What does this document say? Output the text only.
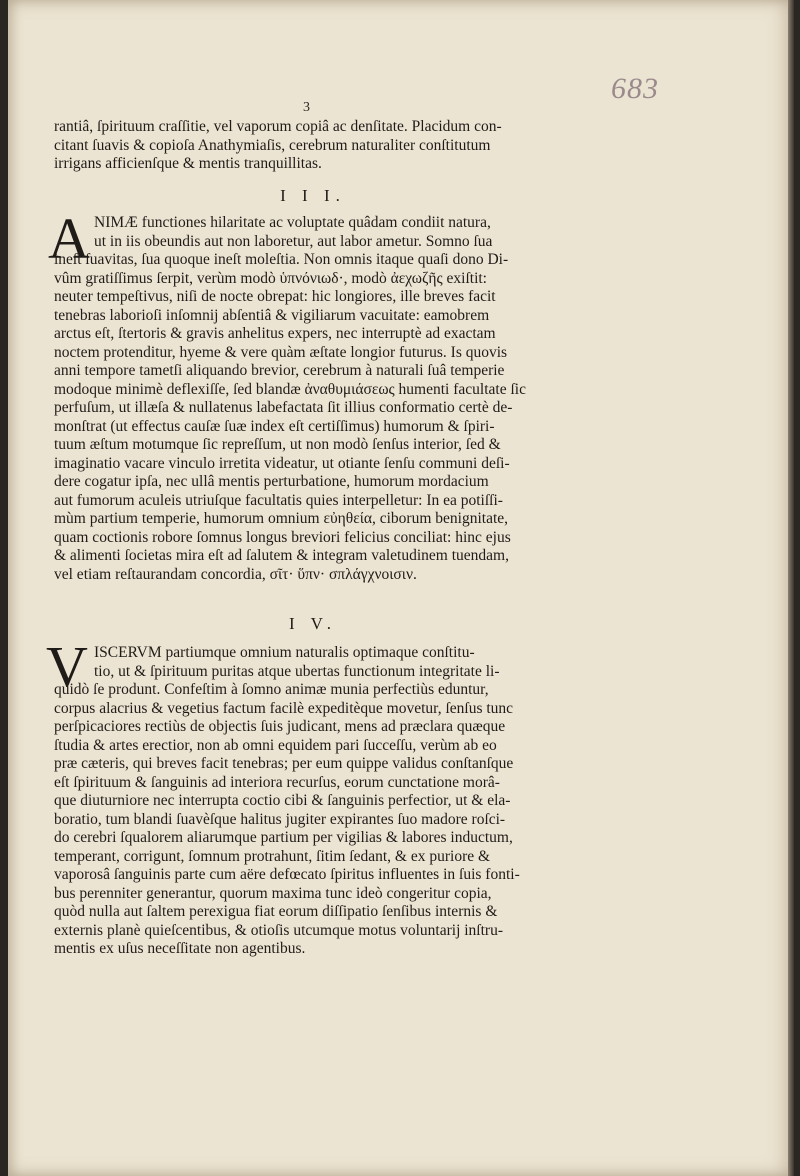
683
3
rantiâ, ſpirituum craſſitie, vel vaporum copiâ ac denſitate. Placidum con-
citant ſuavis & copioſa Anathymiaſis, cerebrum naturaliter conſtitutum
irrigans afficienſque & mentis tranquillitas.
I I I.
A NIMÆ functiones hilaritate ac voluptate quâdam condiit natura,
ut in iis obeundis aut non laboretur, aut labor ametur. Somno ſua
ineſt ſuavitas, ſua quoque ineſt moleſtia. Non omnis itaque quaſi dono Di-
vûm gratiſſimus ſerpit, verùm modò ὑπνόνιωδ·, modò ἀεχωζῆς exiſtit:
neuter tempeſtivus, niſi de nocte obrepat: hic longiores, ille breves facit
tenebras laborioſi inſomnij abſentiâ & vigiliarum vacuitate: eamobrem
arctus eſt, ſtertoris & gravis anhelitus expers, nec interruptè ad exactam
noctem protenditur, hyeme & vere quàm æſtate longior futurus. Is quovis
anni tempore tametſi aliquando brevior, cerebrum à naturali ſuâ temperie
modoque minimè deflexiſſe, ſed blandæ ἀναθυμιάσεως humenti facultate ſic
perfuſum, ut illæſa & nullatenus labefactata ſit illius conformatio certè de-
monſtrat (ut effectus cauſæ ſuæ index eſt certiſſimus) humorum & ſpiri-
tuum æſtum motumque ſic repreſſum, ut non modò ſenſus interior, ſed &
imaginatio vacare vinculo irretita videatur, ut otiante ſenſu communi deſi-
dere cogatur ipſa, nec ullâ mentis perturbatione, humorum mordacium
aut fumorum aculeis utriuſque facultatis quies interpelletur: In ea potiſſi-
mùm partium temperie, humorum omnium εὐηθεία, ciborum benignitate,
quam coctionis robore ſomnus longus breviori felicius conciliat: hinc ejus
& alimenti ſocietas mira eſt ad ſalutem & integram valetudinem tuendam,
vel etiam reſtaurandam concordia, σῖτ· ὕπν· σπλάγχνοισιν.
I V.
V ISCERVM partiumque omnium naturalis optimaque conſtitu-
tio, ut & ſpirituum puritas atque ubertas functionum integritate li-
quidò ſe produnt. Confeſtim à ſomno animæ munia perfectiùs eduntur,
corpus alacrius & vegetius factum facilè expeditèque movetur, ſenſus tunc
perſpicaciores rectiùs de objectis ſuis judicant, mens ad præclara quæque
ſtudia & artes erectior, non ab omni equidem pari ſucceſſu, verùm ab eo
præ cæteris, qui breves facit tenebras; per eum quippe validus conſtanſque
eſt ſpirituum & ſanguinis ad interiora recurſus, eorum cunctatione morâ-
que diuturniore nec interrupta coctio cibi & ſanguinis perfectior, ut & ela-
boratio, tum blandi ſuavèſque halitus jugiter expirantes ſuo madore roſci-
do cerebri ſqualorem aliarumque partium per vigilias & labores inductum,
temperant, corrigunt, ſomnum protrahunt, ſitim ſedant, & ex puriore &
vaporosâ ſanguinis parte cum aëre defœcato ſpiritus influentes in ſuis fonti-
bus perenniter generantur, quorum maxima tunc ideò congeritur copia,
quòd nulla aut ſaltem perexigua fiat eorum diſſipatio ſenſibus internis &
externis planè quieſcentibus, & otioſis utcumque motus voluntarij inſtru-
mentis ex uſus neceſſitate non agentibus.
